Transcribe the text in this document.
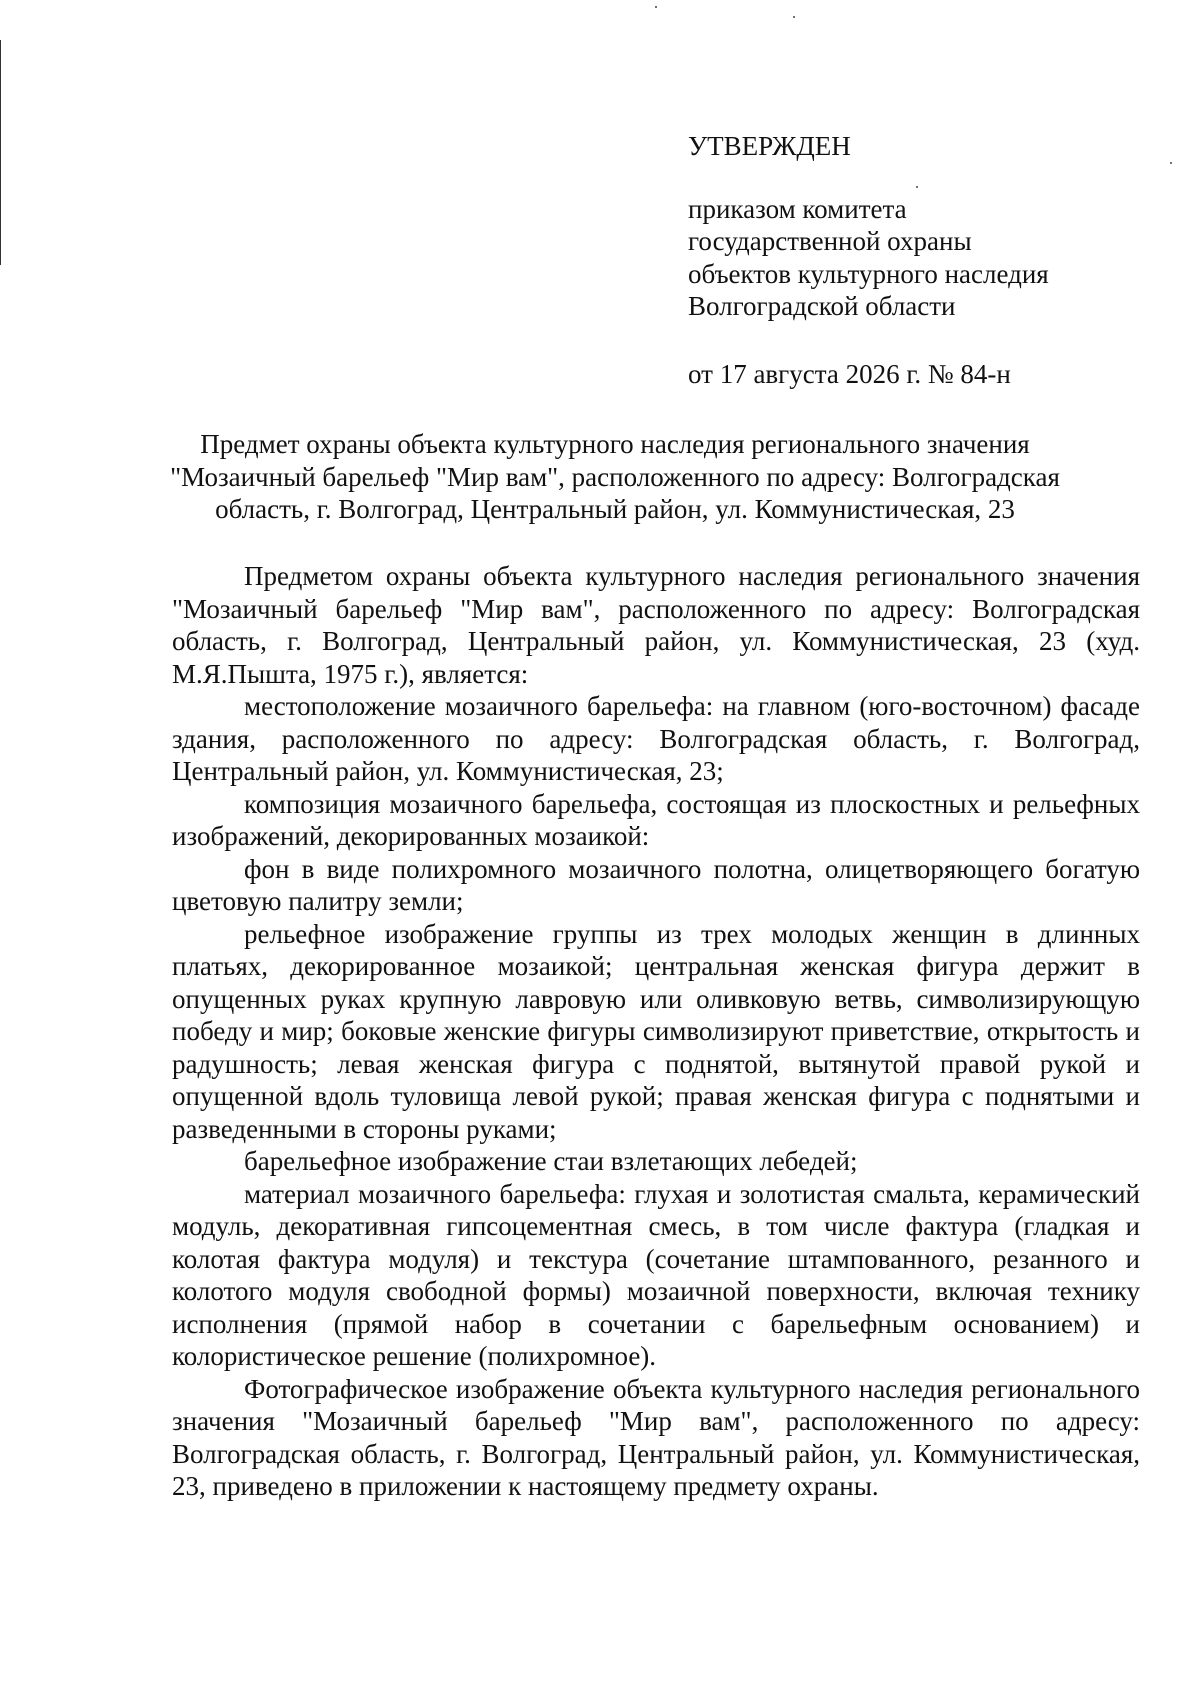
УТВЕРЖДЕН
приказом комитета
государственной охраны
объектов культурного наследия
Волгоградской области
от 17 августа 2026 г. № 84-н
Предмет охраны объекта культурного наследия регионального значения
"Мозаичный барельеф "Мир вам", расположенного по адресу: Волгоградская
область, г. Волгоград, Центральный район, ул. Коммунистическая, 23

Предметом охраны объекта культурного наследия регионального значения "Мозаичный барельеф "Мир вам", расположенного по адресу: Волгоградская область, г. Волгоград, Центральный район, ул. Коммунистическая, 23 (худ. М.Я.Пышта, 1975 г.), является:

местоположение мозаичного барельефа: на главном (юго-восточном) фасаде здания, расположенного по адресу: Волгоградская область, г. Волгоград, Центральный район, ул. Коммунистическая, 23;

композиция мозаичного барельефа, состоящая из плоскостных и рельефных изображений, декорированных мозаикой:

фон в виде полихромного мозаичного полотна, олицетворяющего богатую цветовую палитру земли;

рельефное изображение группы из трех молодых женщин в длинных платьях, декорированное мозаикой; центральная женская фигура держит в опущенных руках крупную лавровую или оливковую ветвь, символизирующую победу и мир; боковые женские фигуры символизируют приветствие, открытость и радушность; левая женская фигура с поднятой, вытянутой правой рукой и опущенной вдоль туловища левой рукой; правая женская фигура с поднятыми и разведенными в стороны руками;

барельефное изображение стаи взлетающих лебедей;

материал мозаичного барельефа: глухая и золотистая смальта, керамический модуль, декоративная гипсоцементная смесь, в том числе фактура (гладкая и колотая фактура модуля) и текстура (сочетание штампованного, резанного и колотого модуля свободной формы) мозаичной поверхности, включая технику исполнения (прямой набор в сочетании с барельефным основанием) и колористическое решение (полихромное).

Фотографическое изображение объекта культурного наследия регионального значения "Мозаичный барельеф "Мир вам", расположенного по адресу: Волгоградская область, г. Волгоград, Центральный район, ул. Коммунистическая, 23, приведено в приложении к настоящему предмету охраны.
